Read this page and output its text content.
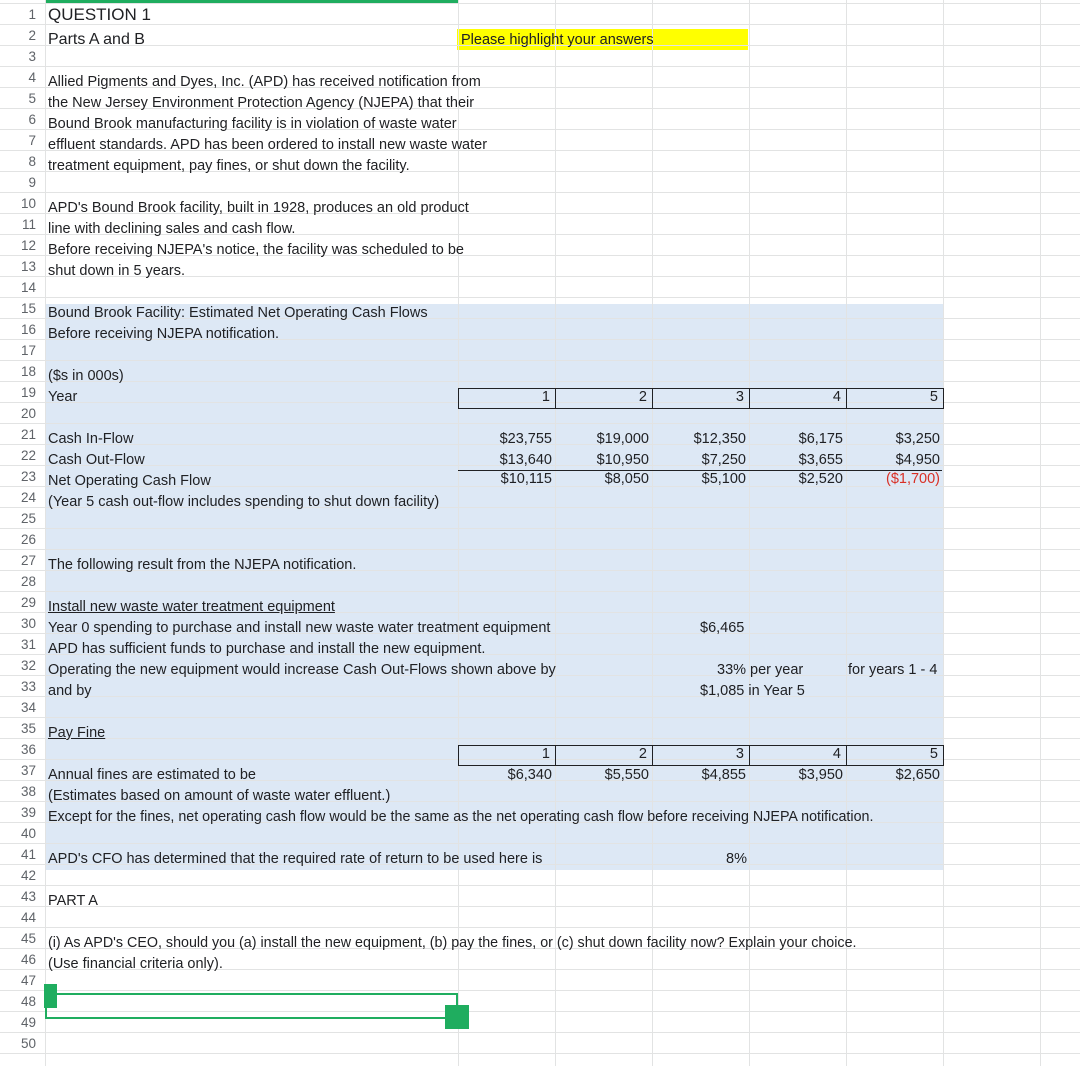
1
2
3
4
5
6
7
8
9
10
11
12
13
14
15
16
17
18
19
20
21
22
23
24
25
26
27
28
29
30
31
32
33
34
35
36
37
38
39
40
41
42
43
44
45
46
47
48
49
50
QUESTION 1
Parts A and B	Please highlight your answers
Allied Pigments and Dyes, Inc. (APD) has received notification from
the New Jersey Environment Protection Agency (NJEPA) that their
Bound Brook manufacturing facility is in violation of waste water
effluent standards. APD has been ordered to install new waste water
treatment equipment, pay fines, or shut down the facility.
APD's Bound Brook facility, built in 1928, produces an old product
line with declining sales and cash flow.
Before receiving NJEPA's notice, the facility was scheduled to be
shut down in 5 years.
Bound Brook Facility: Estimated Net Operating Cash Flows
Before receiving NJEPA notification.
($s in 000s)
Year	1	2	3	4	5
Cash In-Flow	$23,755	$19,000	$12,350	$6,175	$3,250
Cash Out-Flow	$13,640	$10,950	$7,250	$3,655	$4,950
Net Operating Cash Flow	$10,115	$8,050	$5,100	$2,520	($1,700)
(Year 5 cash out-flow includes spending to shut down facility)
The following result from the NJEPA notification.
Install new waste water treatment equipment
Year 0 spending to purchase and install new waste water treatment equipment	$6,465
APD has sufficient funds to purchase and install the new equipment.
Operating the new equipment would increase Cash Out-Flows shown above by	33% per year	for years 1 - 4
and by	$1,085 in Year 5
Pay Fine
1	2	3	4	5
Annual fines are estimated to be	$6,340	$5,550	$4,855	$3,950	$2,650
(Estimates based on amount of waste water effluent.)
Except for the fines, net operating cash flow would be the same as the net operating cash flow before receiving NJEPA notification.
APD's CFO has determined that the required rate of return to be used here is	8%
PART A
(i) As APD's CEO, should you (a) install the new equipment, (b) pay the fines, or (c) shut down facility now? Explain your choice.
(Use financial criteria only).
